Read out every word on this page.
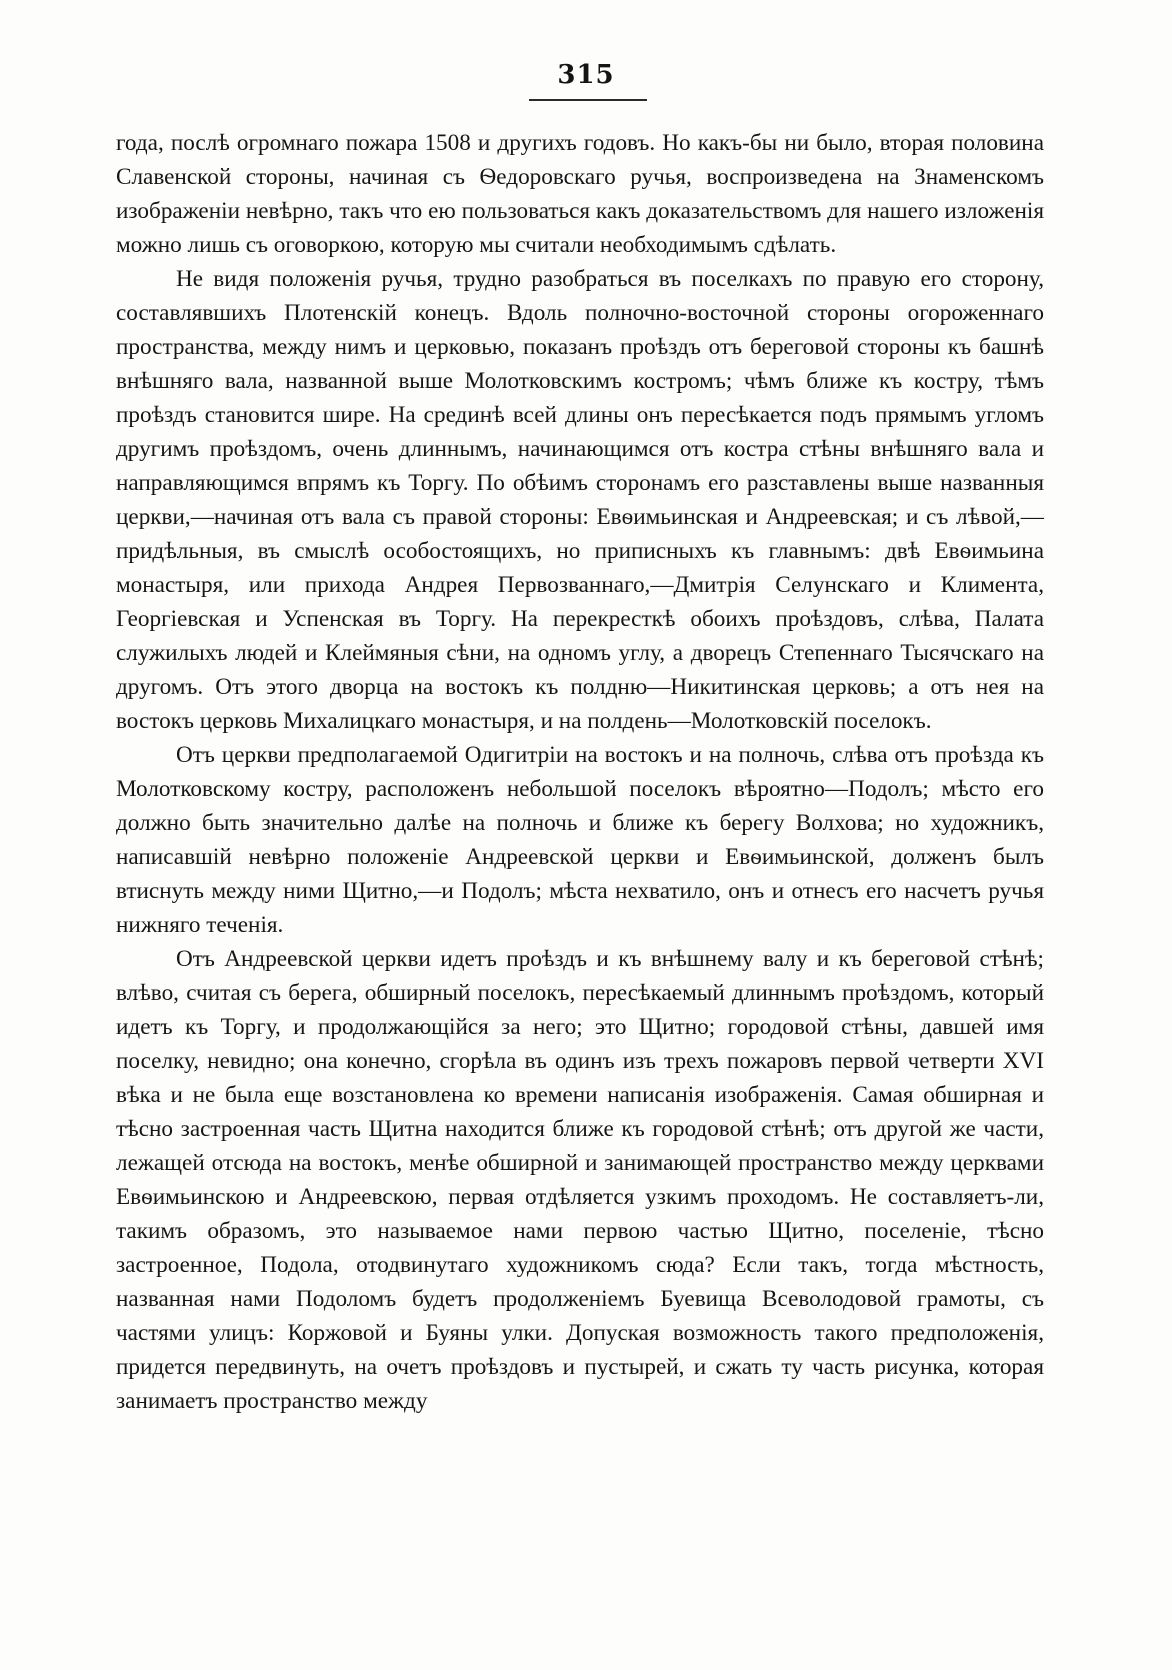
315

года, послѣ огромнаго пожара 1508 и другихъ годовъ. Но какъ-бы ни было, вторая половина Славенской стороны, начиная съ Ѳедоровскаго ручья, воспроизведена на Знаменскомъ изображеніи невѣрно, такъ что ею пользоваться какъ доказательствомъ для нашего изложенія можно лишь съ оговоркою, которую мы считали необходимымъ сдѣлать.

Не видя положенія ручья, трудно разобраться въ поселкахъ по правую его сторону, составлявшихъ Плотенскій конецъ. Вдоль полночно-восточной стороны огороженнаго пространства, между нимъ и церковью, показанъ проѣздъ отъ береговой стороны къ башнѣ внѣшняго вала, названной выше Молотковскимъ костромъ; чѣмъ ближе къ костру, тѣмъ проѣздъ становится шире. На срединѣ всей длины онъ пересѣкается подъ прямымъ угломъ другимъ проѣздомъ, очень длиннымъ, начинающимся отъ костра стѣны внѣшняго вала и направляющимся впрямъ къ Торгу. По обѣимъ сторонамъ его разставлены выше названныя церкви,—начиная отъ вала съ правой стороны: Евѳимьинская и Андреевская; и съ лѣвой,—придѣльныя, въ смыслѣ особостоящихъ, но приписныхъ къ главнымъ: двѣ Евѳимьина монастыря, или прихода Андрея Первозваннаго,—Дмитрія Селунскаго и Климента, Георгіевская и Успенская въ Торгу. На перекресткѣ обоихъ проѣздовъ, слѣва, Палата служилыхъ людей и Клеймяныя сѣни, на одномъ углу, а дворецъ Степеннаго Тысячскаго на другомъ. Отъ этого дворца на востокъ къ полдню—Никитинская церковь; а отъ нея на востокъ церковь Михалицкаго монастыря, и на полдень—Молотковскій поселокъ.

Отъ церкви предполагаемой Одигитріи на востокъ и на полночь, слѣва отъ проѣзда къ Молотковскому костру, расположенъ небольшой поселокъ вѣроятно—Подолъ; мѣсто его должно быть значительно далѣе на полночь и ближе къ берегу Волхова; но художникъ, написавшій невѣрно положеніе Андреевской церкви и Евѳимьинской, долженъ былъ втиснуть между ними Щитно,—и Подолъ; мѣста нехватило, онъ и отнесъ его насчетъ ручья нижняго теченія.

Отъ Андреевской церкви идетъ проѣздъ и къ внѣшнему валу и къ береговой стѣнѣ; влѣво, считая съ берега, обширный поселокъ, пересѣкаемый длиннымъ проѣздомъ, который идетъ къ Торгу, и продолжающійся за него; это Щитно; городовой стѣны, давшей имя поселку, невидно; она конечно, сгорѣла въ одинъ изъ трехъ пожаровъ первой четверти XVI вѣка и не была еще возстановлена ко времени написанія изображенія. Самая обширная и тѣсно застроенная часть Щитна находится ближе къ городовой стѣнѣ; отъ другой же части, лежащей отсюда на востокъ, менѣе обширной и занимающей пространство между церквами Евѳимьинскою и Андреевскою, первая отдѣляется узкимъ проходомъ. Не составляетъ-ли, такимъ образомъ, это называемое нами первою частью Щитно, поселеніе, тѣсно застроенное, Подола, отодвинутаго художникомъ сюда? Если такъ, тогда мѣстность, названная нами Подоломъ будетъ продолженіемъ Буевища Всеволодовой грамоты, съ частями улицъ: Коржовой и Буяны улки. Допуская возможность такого предположенія, придется передвинуть, на очетъ проѣздовъ и пустырей, и сжать ту часть рисунка, которая занимаетъ пространство между
